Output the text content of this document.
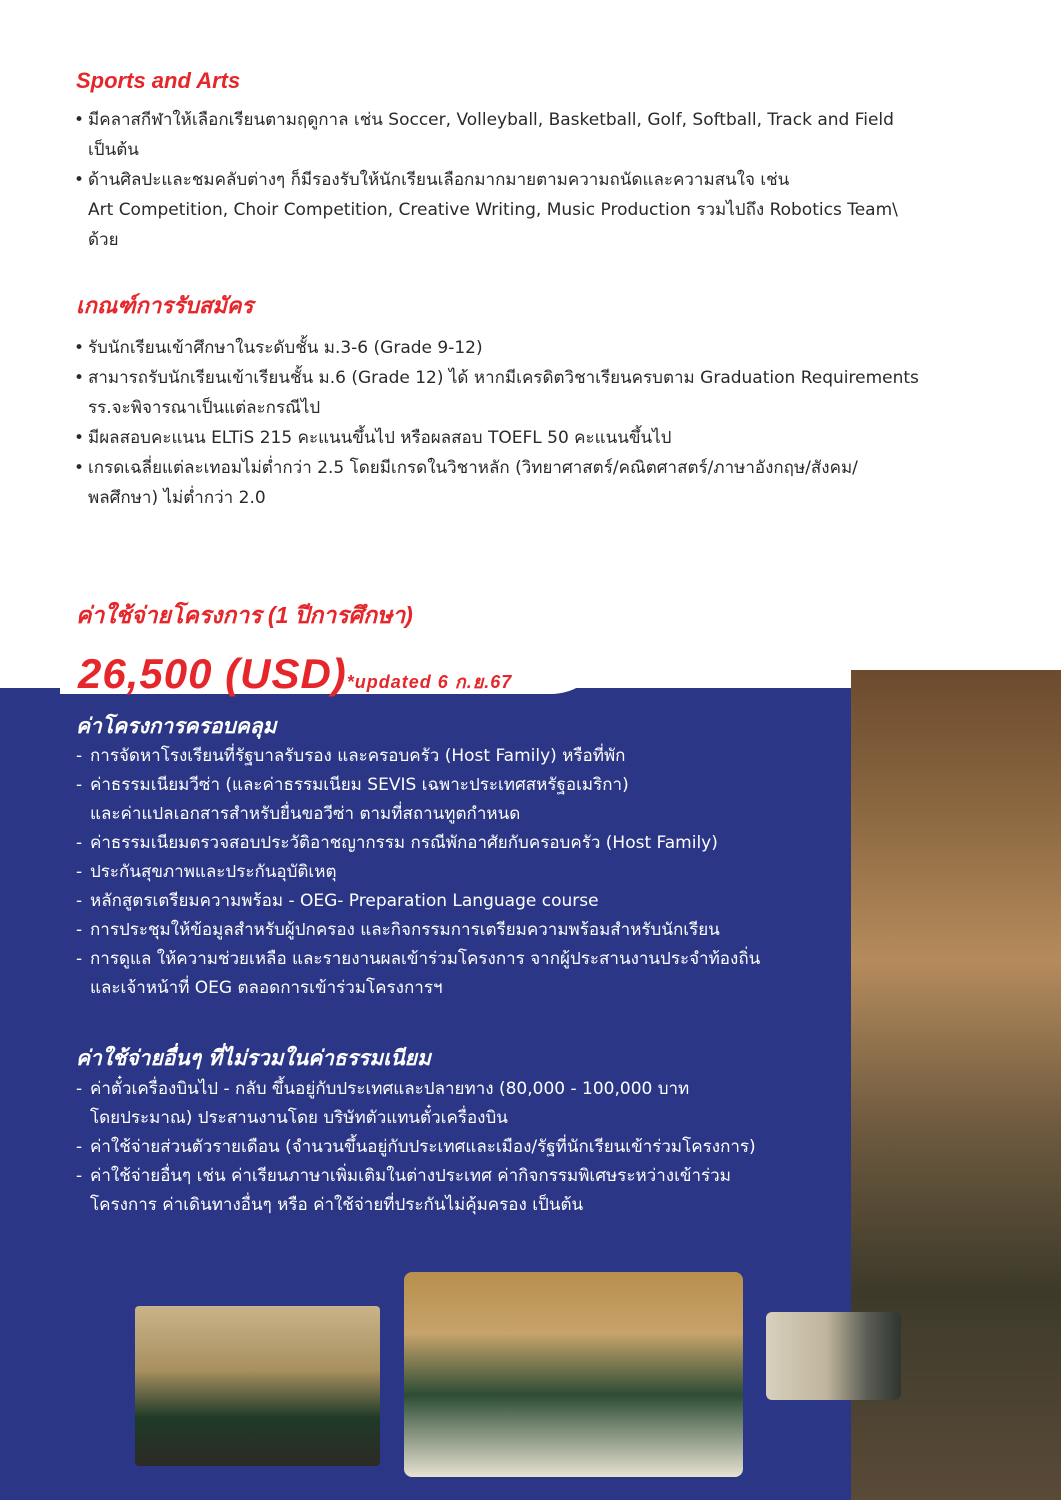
Sports and Arts
• มีคลาสกีฬาให้เลือกเรียนตามฤดูกาล เช่น Soccer, Volleyball, Basketball, Golf, Softball, Track and Field
เป็นต้น
• ด้านศิลปะและชมคลับต่างๆ ก็มีรองรับให้นักเรียนเลือกมากมายตามความถนัดและความสนใจ เช่น
Art Competition, Choir Competition, Creative Writing, Music Production รวมไปถึง Robotics Team\
ด้วย
เกณฑ์การรับสมัคร
• รับนักเรียนเข้าศึกษาในระดับชั้น ม.3-6 (Grade 9-12)
• สามารถรับนักเรียนเข้าเรียนชั้น ม.6 (Grade 12) ได้ หากมีเครดิตวิชาเรียนครบตาม Graduation Requirements
รร.จะพิจารณาเป็นแต่ละกรณีไป
• มีผลสอบคะแนน ELTiS 215 คะแนนขึ้นไป หรือผลสอบ TOEFL 50 คะแนนขึ้นไป
• เกรดเฉลี่ยแต่ละเทอมไม่ต่ำกว่า 2.5 โดยมีเกรดในวิชาหลัก (วิทยาศาสตร์/คณิตศาสตร์/ภาษาอังกฤษ/สังคม/
พลศึกษา) ไม่ต่ำกว่า 2.0
ค่าใช้จ่ายโครงการ (1 ปีการศึกษา)
26,500 (USD)*updated 6 ก.ย.67
ค่าโครงการครอบคลุม
- การจัดหาโรงเรียนที่รัฐบาลรับรอง และครอบครัว (Host Family) หรือที่พัก
- ค่าธรรมเนียมวีซ่า (และค่าธรรมเนียม SEVIS เฉพาะประเทศสหรัฐอเมริกา)
และค่าแปลเอกสารสำหรับยื่นขอวีซ่า ตามที่สถานทูตกำหนด
- ค่าธรรมเนียมตรวจสอบประวัติอาชญากรรม กรณีพักอาศัยกับครอบครัว (Host Family)
- ประกันสุขภาพและประกันอุบัติเหตุ
- หลักสูตรเตรียมความพร้อม - OEG- Preparation Language course
- การประชุมให้ข้อมูลสำหรับผู้ปกครอง และกิจกรรมการเตรียมความพร้อมสำหรับนักเรียน
- การดูแล ให้ความช่วยเหลือ และรายงานผลเข้าร่วมโครงการ จากผู้ประสานงานประจำท้องถิ่น
และเจ้าหน้าที่ OEG ตลอดการเข้าร่วมโครงการฯ
ค่าใช้จ่ายอื่นๆ ที่ไม่รวมในค่าธรรมเนียม
- ค่าตั๋วเครื่องบินไป - กลับ ขึ้นอยู่กับประเทศและปลายทาง (80,000 - 100,000 บาท
โดยประมาณ) ประสานงานโดย บริษัทตัวแทนตั๋วเครื่องบิน
- ค่าใช้จ่ายส่วนตัวรายเดือน (จำนวนขึ้นอยู่กับประเทศและเมือง/รัฐที่นักเรียนเข้าร่วมโครงการ)
- ค่าใช้จ่ายอื่นๆ เช่น ค่าเรียนภาษาเพิ่มเติมในต่างประเทศ ค่ากิจกรรมพิเศษระหว่างเข้าร่วม
โครงการ ค่าเดินทางอื่นๆ หรือ ค่าใช้จ่ายที่ประกันไม่คุ้มครอง เป็นต้น
